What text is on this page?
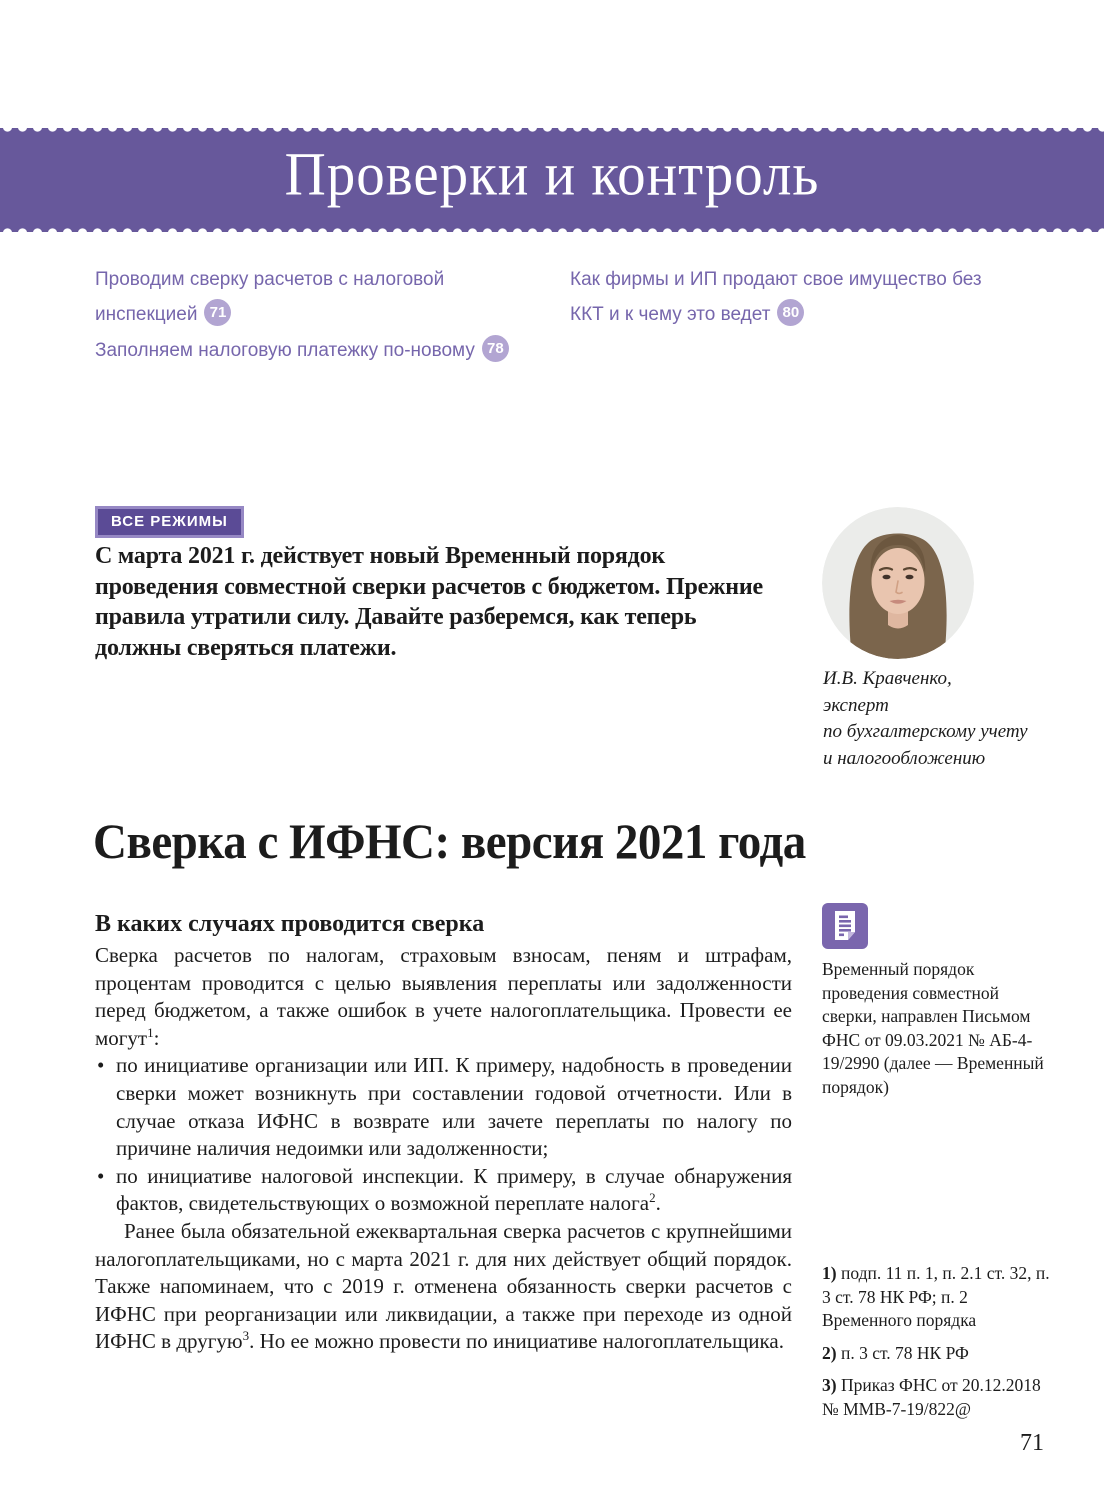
Проверки и контроль
Проводим сверку расчетов с налоговой инспекцией 71
Заполняем налоговую платежку по-новому 78
Как фирмы и ИП продают свое имущество без ККТ и к чему это ведет 80
ВСЕ РЕЖИМЫ
С марта 2021 г. действует новый Временный порядок проведения совместной сверки расчетов с бюджетом. Прежние правила утратили силу. Давайте разберемся, как теперь должны сверяться платежи.
И.В. Кравченко,
эксперт
по бухгалтерскому учету
и налогообложению
Сверка с ИФНС: версия 2021 года
В каких случаях проводится сверка

Сверка расчетов по налогам, страховым взносам, пеням и штрафам, процентам проводится с целью выявления переплаты или задолженности перед бюджетом, а также ошибок в учете налогоплательщика. Провести ее могут$^1$:

• по инициативе организации или ИП. К примеру, надобность в проведении сверки может возникнуть при составлении годовой отчетности. Или в случае отказа ИФНС в возврате или зачете переплаты по налогу по причине наличия недоимки или задолженности;
• по инициативе налоговой инспекции. К примеру, в случае обнаружения фактов, свидетельствующих о возможной переплате налога$^2$.

Ранее была обязательной ежеквартальная сверка расчетов с крупнейшими налогоплательщиками, но с марта 2021 г. для них действует общий порядок. Также напоминаем, что с 2019 г. отменена обязанность сверки расчетов с ИФНС при реорганизации или ликвидации, а также при переходе из одной ИФНС в другую$^3$. Но ее можно провести по инициативе налогоплательщика.

Временный порядок проведения совместной сверки, направлен Письмом ФНС от 09.03.2021 № АБ-4-19/2990 (далее — Временный порядок)

1) подп. 11 п. 1, п. 2.1 ст. 32, п. 3 ст. 78 НК РФ; п. 2 Временного порядка

2) п. 3 ст. 78 НК РФ

3) Приказ ФНС от 20.12.2018 № ММВ-7-19/822@

71
